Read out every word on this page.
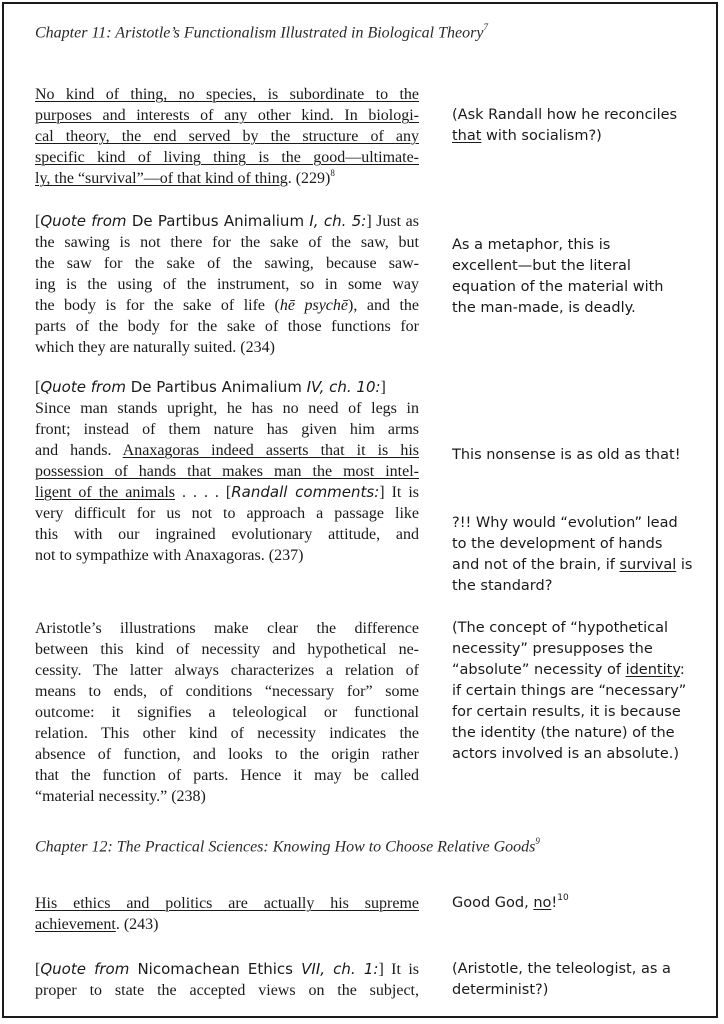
Chapter 11: Aristotle’s Functionalism Illustrated in Biological Theory$^7$
No kind of thing, no species, is subordinate to the
purposes and interests of any other kind. In biologi-
cal theory, the end served by the structure of any
specific kind of living thing is the good—ultimate-
ly, the “survival”—of that kind of thing. (229)$^8$
(Ask Randall how he reconciles
that with socialism?)
[Quote from De Partibus Animalium I, ch. 5:] Just as
the sawing is not there for the sake of the saw, but
the saw for the sake of the sawing, because saw-
ing is the using of the instrument, so in some way
the body is for the sake of life (hē psychē), and the
parts of the body for the sake of those functions for
which they are naturally suited. (234)
As a metaphor, this is
excellent—but the literal
equation of the material with
the man-made, is deadly.
[Quote from De Partibus Animalium IV, ch. 10:]
Since man stands upright, he has no need of legs in
front; instead of them nature has given him arms
and hands. Anaxagoras indeed asserts that it is his
possession of hands that makes man the most intel-
ligent of the animals . . . . [Randall comments:] It is
very difficult for us not to approach a passage like
this with our ingrained evolutionary attitude, and
not to sympathize with Anaxagoras. (237)
This nonsense is as old as that!
?!! Why would “evolution” lead
to the development of hands
and not of the brain, if survival is
the standard?
Aristotle’s illustrations make clear the difference
between this kind of necessity and hypothetical ne-
cessity. The latter always characterizes a relation of
means to ends, of conditions “necessary for” some
outcome: it signifies a teleological or functional
relation. This other kind of necessity indicates the
absence of function, and looks to the origin rather
that the function of parts. Hence it may be called
“material necessity.” (238)
(The concept of “hypothetical
necessity” presupposes the
“absolute” necessity of identity:
if certain things are “necessary”
for certain results, it is because
the identity (the nature) of the
actors involved is an absolute.)
Chapter 12: The Practical Sciences: Knowing How to Choose Relative Goods$^9$
His ethics and politics are actually his supreme
achievement. (243)
Good God, no!$^{10}$
[Quote from Nicomachean Ethics VII, ch. 1:] It is
proper to state the accepted views on the subject,
(Aristotle, the teleologist, as a
determinist?)
